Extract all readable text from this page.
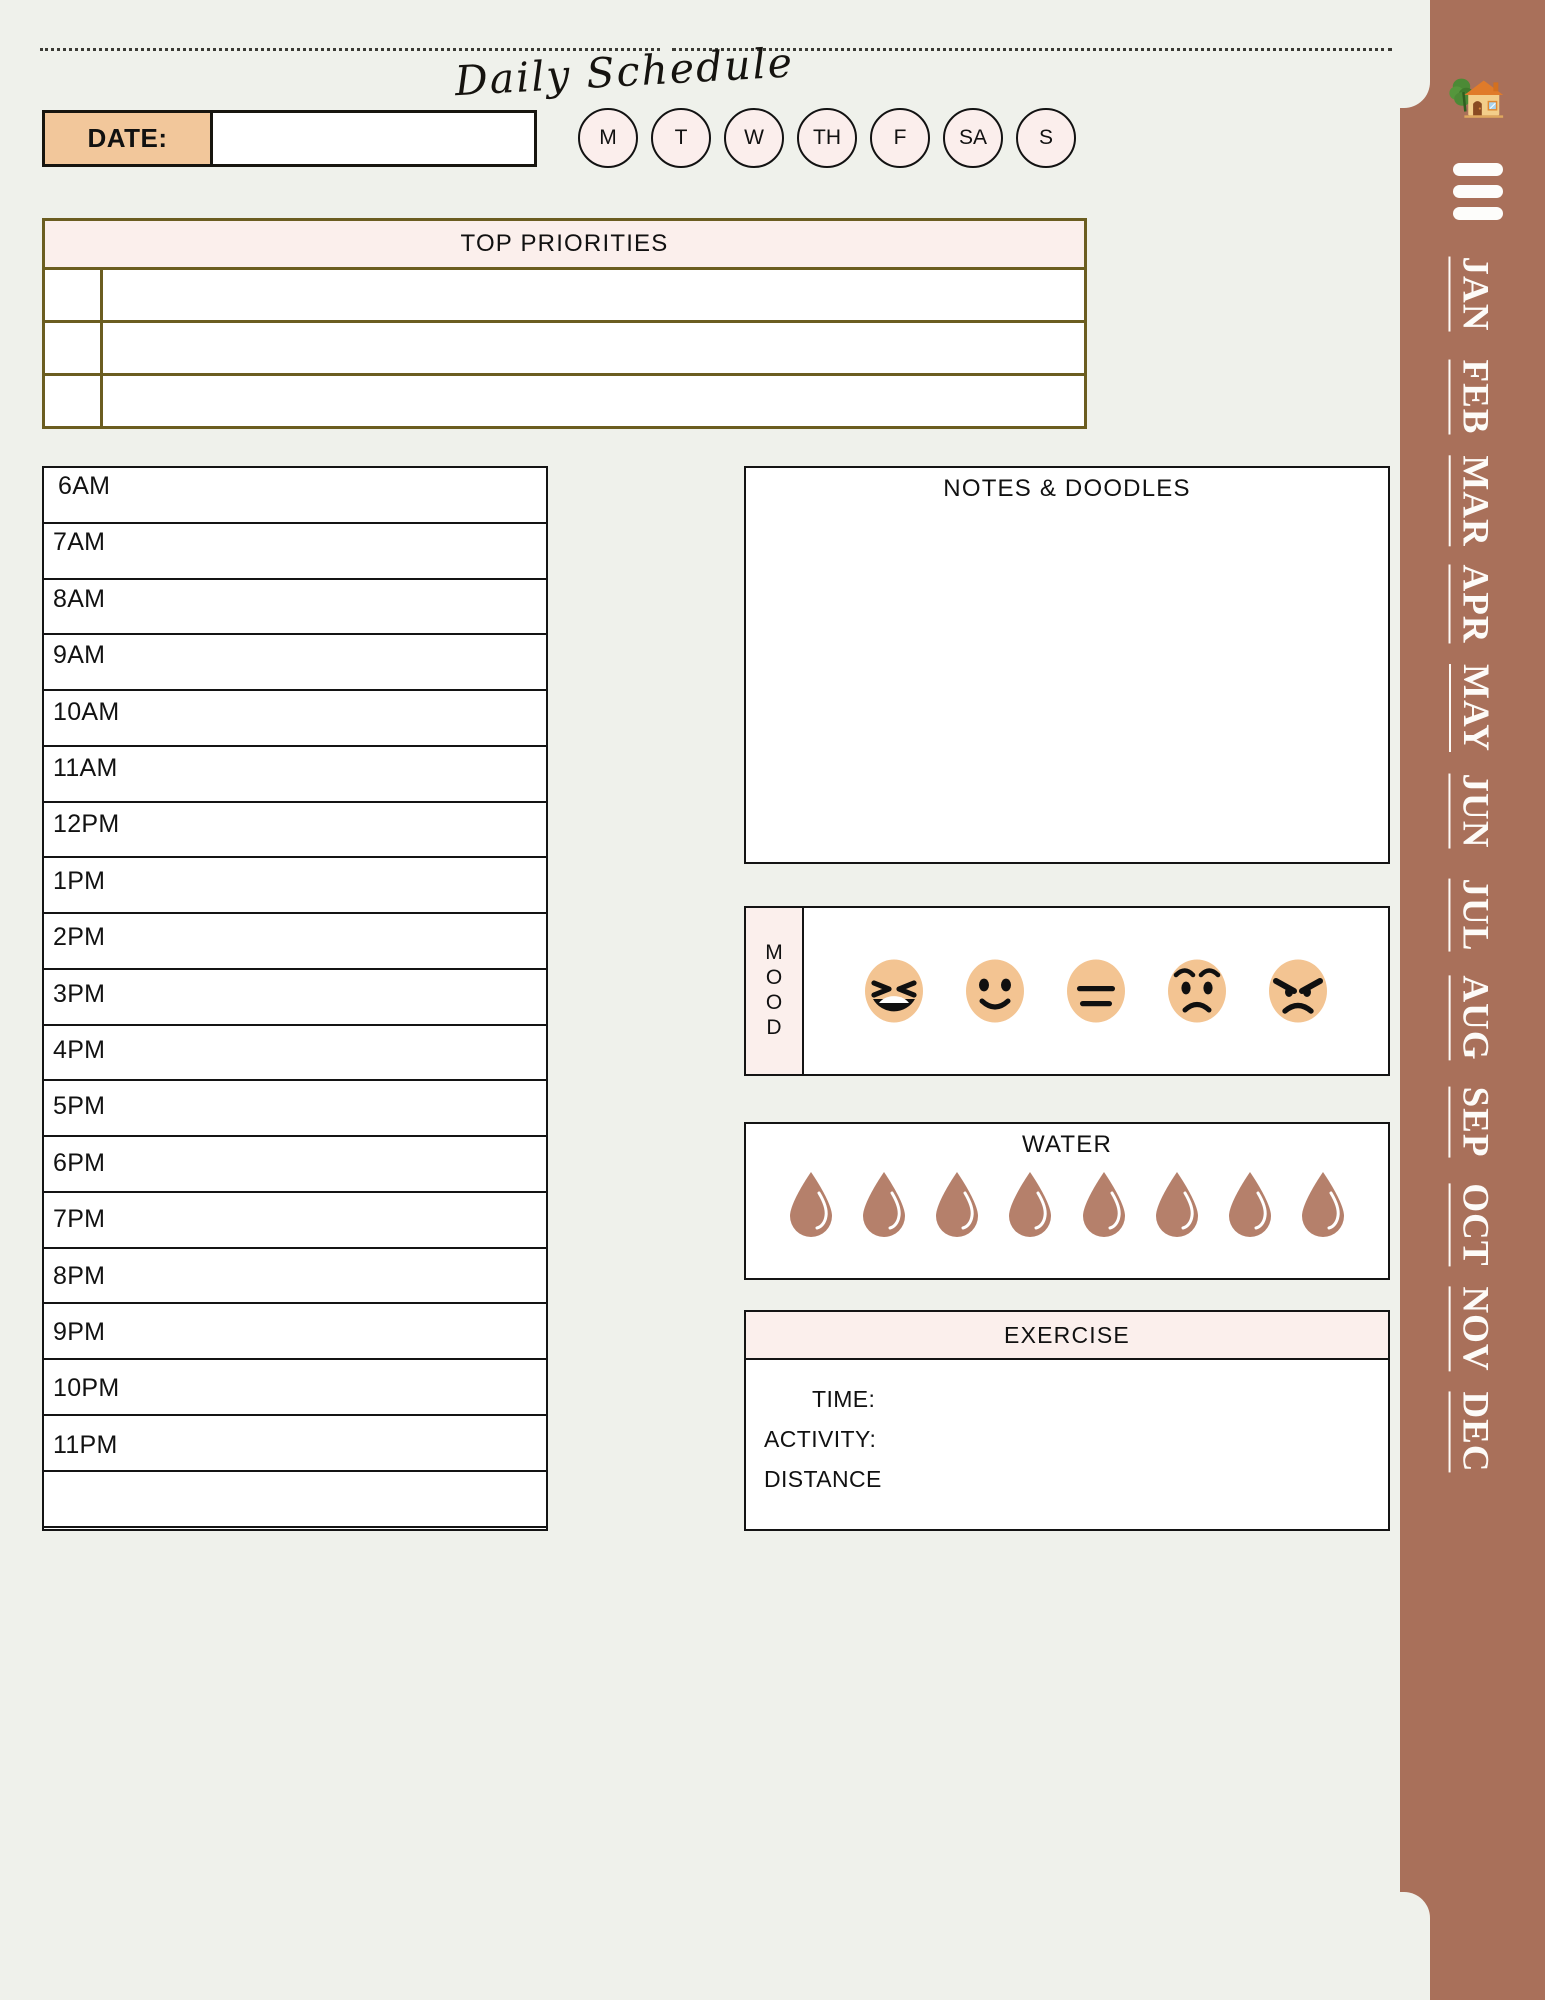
Daily Schedule
DATE:	M	T	W TH	F	SA S
TOP PRIORITIES
6AM
7AM
8AM
9AM
10AM
11AM
12PM
1PM
2PM
3PM
4PM
5PM
6PM
7PM
8PM
9PM
10PM
11PM
NOTES & DOODLES
M
O
O
D
WATER
EXERCISE
TIME:
ACTIVITY:
DISTANCE
JAN
FEB
MAR
APR
MAY
JUN
JUL
AUG
SEP
OCT
NOV
DEC
